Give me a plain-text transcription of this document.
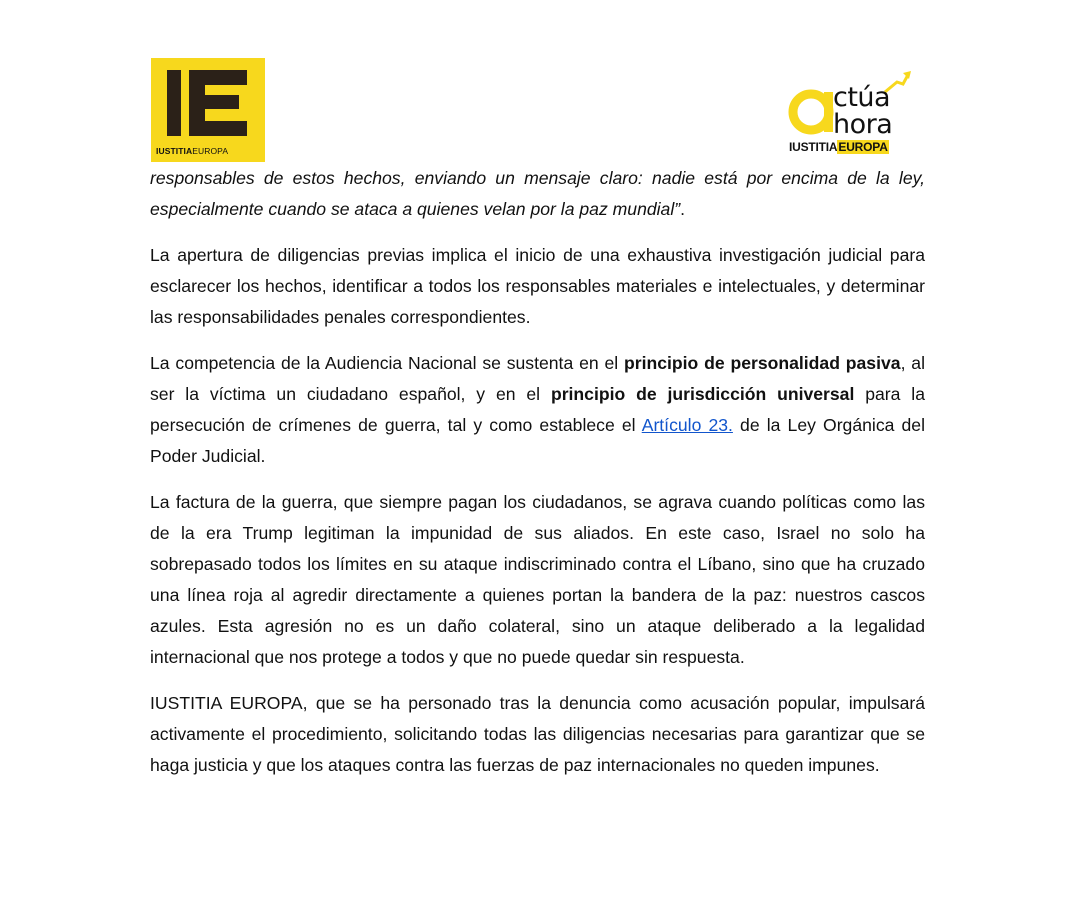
IUSTITIAEUROPA
ctúa
hora
IUSTITIAEUROPA

responsables de estos hechos, enviando un mensaje claro: nadie está por encima de la ley, especialmente cuando se ataca a quienes velan por la paz mundial”.

La apertura de diligencias previas implica el inicio de una exhaustiva investigación judicial para esclarecer los hechos, identificar a todos los responsables materiales e intelectuales, y determinar las responsabilidades penales correspondientes.

La competencia de la Audiencia Nacional se sustenta en el principio de personalidad pasiva, al ser la víctima un ciudadano español, y en el principio de jurisdicción universal para la persecución de crímenes de guerra, tal y como establece el Artículo 23. de la Ley Orgánica del Poder Judicial.

La factura de la guerra, que siempre pagan los ciudadanos, se agrava cuando políticas como las de la era Trump legitiman la impunidad de sus aliados. En este caso, Israel no solo ha sobrepasado todos los límites en su ataque indiscriminado contra el Líbano, sino que ha cruzado una línea roja al agredir directamente a quienes portan la bandera de la paz: nuestros cascos azules. Esta agresión no es un daño colateral, sino un ataque deliberado a la legalidad internacional que nos protege a todos y que no puede quedar sin respuesta.

IUSTITIA EUROPA, que se ha personado tras la denuncia como acusación popular, impulsará activamente el procedimiento, solicitando todas las diligencias necesarias para garantizar que se haga justicia y que los ataques contra las fuerzas de paz internacionales no queden impunes.
